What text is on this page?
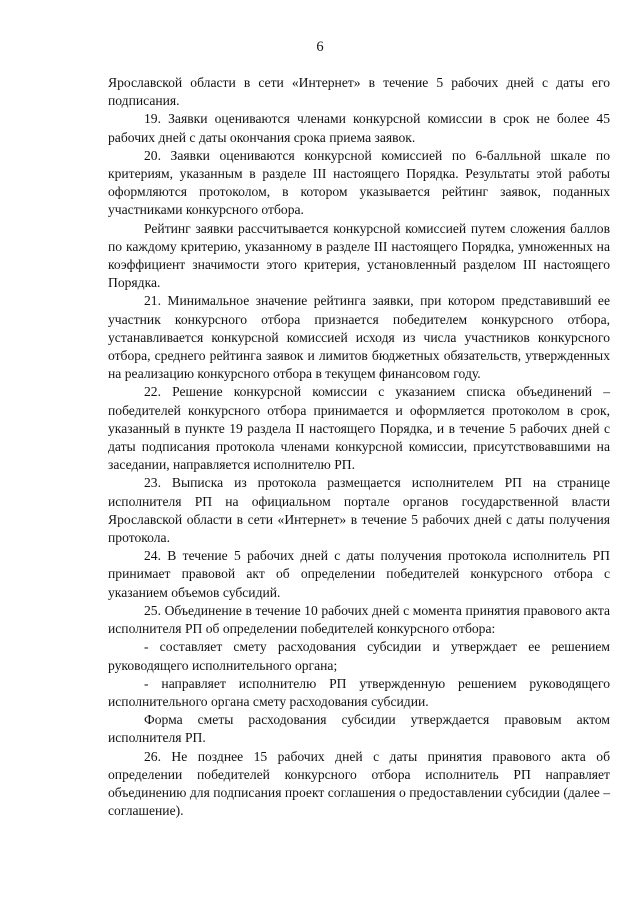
6

Ярославской области в сети «Интернет» в течение 5 рабочих дней с даты его подписания.

19. Заявки оцениваются членами конкурсной комиссии в срок не более 45 рабочих дней с даты окончания срока приема заявок.

20. Заявки оцениваются конкурсной комиссией по 6-балльной шкале по критериям, указанным в разделе III настоящего Порядка. Результаты этой работы оформляются протоколом, в котором указывается рейтинг заявок, поданных участниками конкурсного отбора.

Рейтинг заявки рассчитывается конкурсной комиссией путем сложения баллов по каждому критерию, указанному в разделе III настоящего Порядка, умноженных на коэффициент значимости этого критерия, установленный разделом III настоящего Порядка.

21. Минимальное значение рейтинга заявки, при котором представивший ее участник конкурсного отбора признается победителем конкурсного отбора, устанавливается конкурсной комиссией исходя из числа участников конкурсного отбора, среднего рейтинга заявок и лимитов бюджетных обязательств, утвержденных на реализацию конкурсного отбора в текущем финансовом году.

22. Решение конкурсной комиссии с указанием списка объединений – победителей конкурсного отбора принимается и оформляется протоколом в срок, указанный в пункте 19 раздела II настоящего Порядка, и в течение 5 рабочих дней с даты подписания протокола членами конкурсной комиссии, присутствовавшими на заседании, направляется исполнителю РП.

23. Выписка из протокола размещается исполнителем РП на странице исполнителя РП на официальном портале органов государственной власти Ярославской области в сети «Интернет» в течение 5 рабочих дней с даты получения протокола.

24. В течение 5 рабочих дней с даты получения протокола исполнитель РП принимает правовой акт об определении победителей конкурсного отбора с указанием объемов субсидий.

25. Объединение в течение 10 рабочих дней с момента принятия правового акта исполнителя РП об определении победителей конкурсного отбора:

- составляет смету расходования субсидии и утверждает ее решением руководящего исполнительного органа;

- направляет исполнителю РП утвержденную решением руководящего исполнительного органа смету расходования субсидии.

Форма сметы расходования субсидии утверждается правовым актом исполнителя РП.

26. Не позднее 15 рабочих дней с даты принятия правового акта об определении победителей конкурсного отбора исполнитель РП направляет объединению для подписания проект соглашения о предоставлении субсидии (далее – соглашение).
